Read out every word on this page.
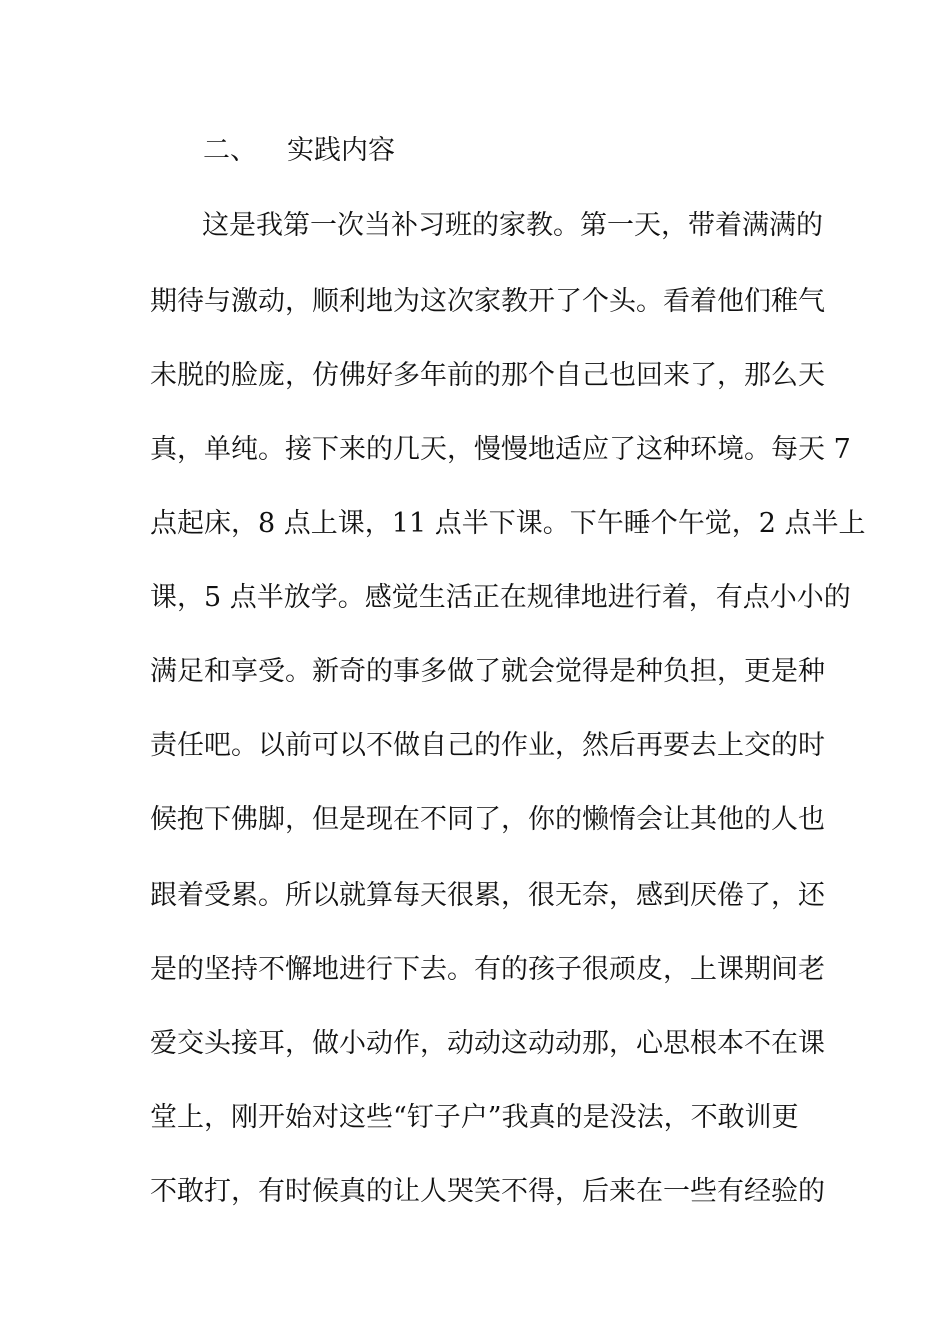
二、 实践内容
这是我第一次当补习班的家教。第一天，带着满满的
期待与激动，顺利地为这次家教开了个头。看着他们稚气
未脱的脸庞，仿佛好多年前的那个自己也回来了，那么天
真，单纯。接下来的几天，慢慢地适应了这种环境。每天 7
点起床，8 点上课，11 点半下课。下午睡个午觉，2 点半上
课，5 点半放学。感觉生活正在规律地进行着，有点小小的
满足和享受。新奇的事多做了就会觉得是种负担，更是种
责任吧。以前可以不做自己的作业，然后再要去上交的时
候抱下佛脚，但是现在不同了，你的懒惰会让其他的人也
跟着受累。所以就算每天很累，很无奈，感到厌倦了，还
是的坚持不懈地进行下去。有的孩子很顽皮，上课期间老
爱交头接耳，做小动作，动动这动动那，心思根本不在课
堂上，刚开始对这些“钉子户”我真的是没法，不敢训更
不敢打，有时候真的让人哭笑不得，后来在一些有经验的
